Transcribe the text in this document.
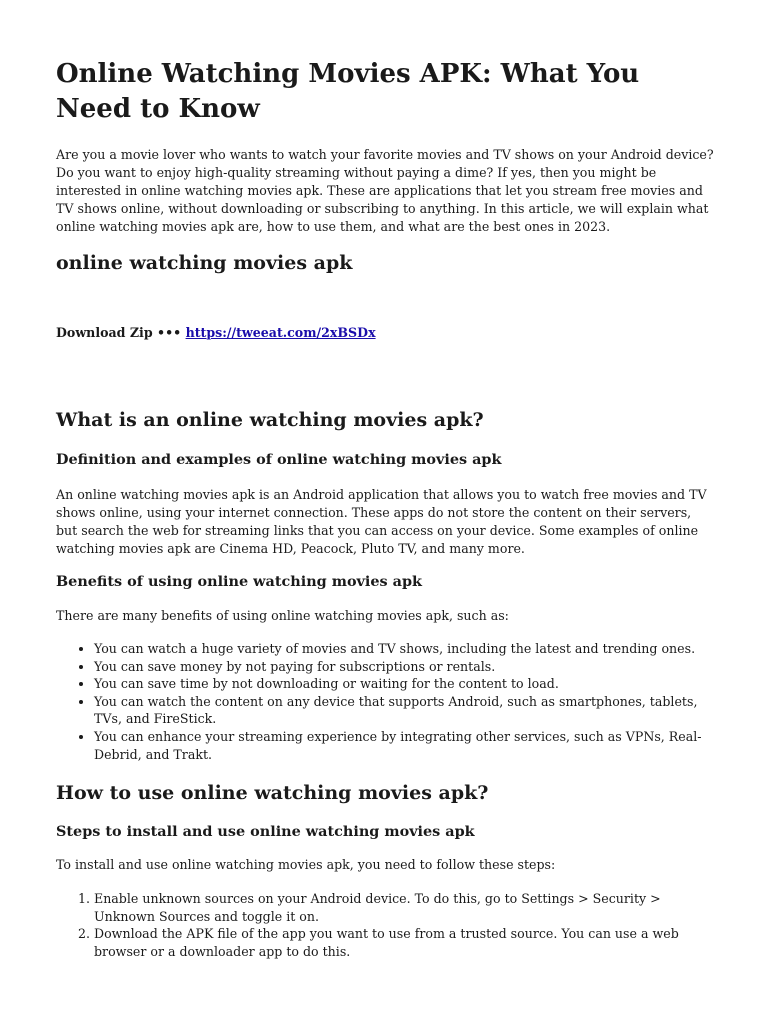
Online Watching Movies APK: What You Need to Know

Are you a movie lover who wants to watch your favorite movies and TV shows on your Android device? Do you want to enjoy high-quality streaming without paying a dime? If yes, then you might be interested in online watching movies apk. These are applications that let you stream free movies and TV shows online, without downloading or subscribing to anything. In this article, we will explain what online watching movies apk are, how to use them, and what are the best ones in 2023.

online watching movies apk

Download Zip ••• https://tweeat.com/2xBSDx

What is an online watching movies apk?
Definition and examples of online watching movies apk

An online watching movies apk is an Android application that allows you to watch free movies and TV shows online, using your internet connection. These apps do not store the content on their servers, but search the web for streaming links that you can access on your device. Some examples of online watching movies apk are Cinema HD, Peacock, Pluto TV, and many more.

Benefits of using online watching movies apk

There are many benefits of using online watching movies apk, such as:

• You can watch a huge variety of movies and TV shows, including the latest and trending ones.
• You can save money by not paying for subscriptions or rentals.
• You can save time by not downloading or waiting for the content to load.
• You can watch the content on any device that supports Android, such as smartphones, tablets, TVs, and FireStick.
• You can enhance your streaming experience by integrating other services, such as VPNs, Real-Debrid, and Trakt.
How to use online watching movies apk?
Steps to install and use online watching movies apk

To install and use online watching movies apk, you need to follow these steps:

1. Enable unknown sources on your Android device. To do this, go to Settings > Security > Unknown Sources and toggle it on.
2. Download the APK file of the app you want to use from a trusted source. You can use a web browser or a downloader app to do this.
